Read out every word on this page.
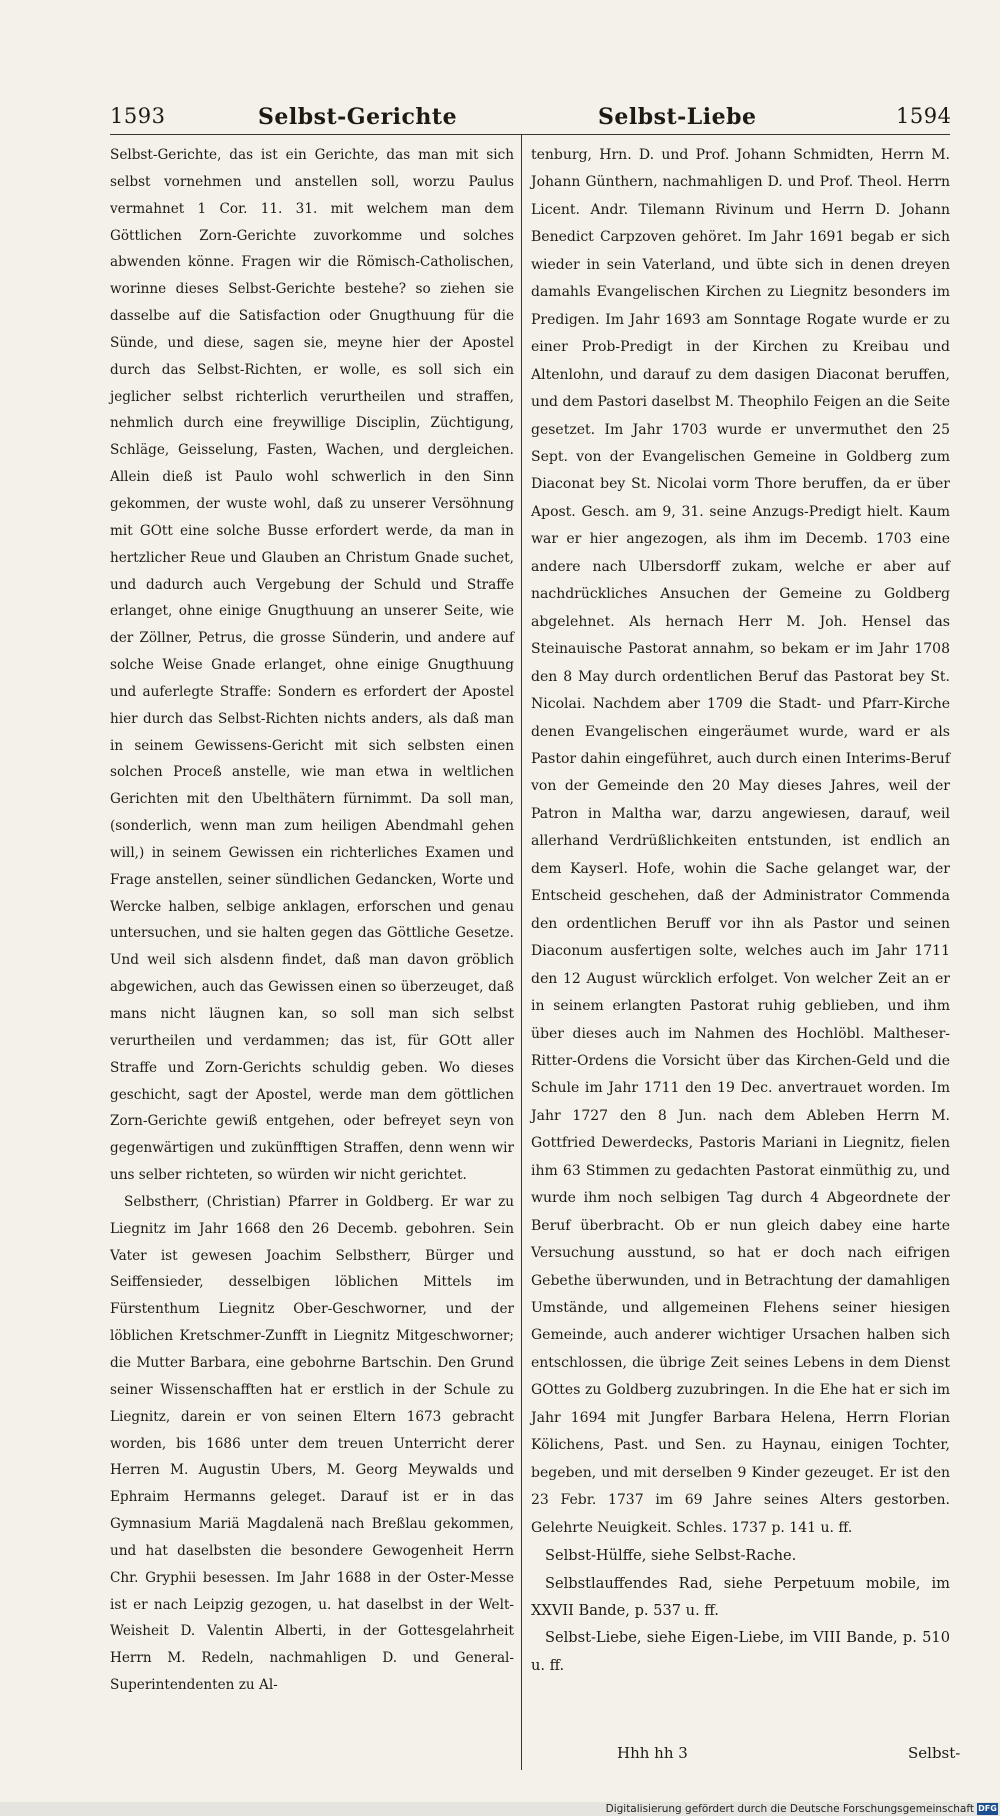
1593	Selbst-Gerichte	Selbst-Liebe	1594

Selbst-Gerichte, das ist ein Gerichte, das man mit sich selbst vornehmen und anstellen soll, worzu Paulus vermahnet 1 Cor. 11. 31. mit welchem man dem Göttlichen Zorn-Gerichte zuvorkomme und solches abwenden könne. Fragen wir die Römisch-Catholischen, worinne dieses Selbst-Gerichte bestehe? so ziehen sie dasselbe auf die Satisfaction oder Gnugthuung für die Sünde, und diese, sagen sie, meyne hier der Apostel durch das Selbst-Richten, er wolle, es soll sich ein jeglicher selbst richterlich verurtheilen und straffen, nehmlich durch eine freywillige Disciplin, Züchtigung, Schläge, Geisselung, Fasten, Wachen, und dergleichen. Allein dieß ist Paulo wohl schwerlich in den Sinn gekommen, der wuste wohl, daß zu unserer Versöhnung mit GOtt eine solche Busse erfordert werde, da man in hertzlicher Reue und Glauben an Christum Gnade suchet, und dadurch auch Vergebung der Schuld und Straffe erlanget, ohne einige Gnugthuung an unserer Seite, wie der Zöllner, Petrus, die grosse Sünderin, und andere auf solche Weise Gnade erlanget, ohne einige Gnugthuung und auferlegte Straffe: Sondern es erfordert der Apostel hier durch das Selbst-Richten nichts anders, als daß man in seinem Gewissens-Gericht mit sich selbsten einen solchen Proceß anstelle, wie man etwa in weltlichen Gerichten mit den Ubelthätern fürnimmt. Da soll man, (sonderlich, wenn man zum heiligen Abendmahl gehen will,) in seinem Gewissen ein richterliches Examen und Frage anstellen, seiner sündlichen Gedancken, Worte und Wercke halben, selbige anklagen, erforschen und genau untersuchen, und sie halten gegen das Göttliche Gesetze. Und weil sich alsdenn findet, daß man davon gröblich abgewichen, auch das Gewissen einen so überzeuget, daß mans nicht läugnen kan, so soll man sich selbst verurtheilen und verdammen; das ist, für GOtt aller Straffe und Zorn-Gerichts schuldig geben. Wo dieses geschicht, sagt der Apostel, werde man dem göttlichen Zorn-Gerichte gewiß entgehen, oder befreyet seyn von gegenwärtigen und zukünfftigen Straffen, denn wenn wir uns selber richteten, so würden wir nicht gerichtet.

Selbstherr, (Christian) Pfarrer in Goldberg. Er war zu Liegnitz im Jahr 1668 den 26 Decemb. gebohren. Sein Vater ist gewesen Joachim Selbstherr, Bürger und Seiffensieder, desselbigen löblichen Mittels im Fürstenthum Liegnitz Ober-Geschworner, und der löblichen Kretschmer-Zunfft in Liegnitz Mitgeschworner; die Mutter Barbara, eine gebohrne Bartschin. Den Grund seiner Wissenschafften hat er erstlich in der Schule zu Liegnitz, darein er von seinen Eltern 1673 gebracht worden, bis 1686 unter dem treuen Unterricht derer Herren M. Augustin Ubers, M. Georg Meywalds und Ephraim Hermanns geleget. Darauf ist er in das Gymnasium Mariä Magdalenä nach Breßlau gekommen, und hat daselbsten die besondere Gewogenheit Herrn Chr. Gryphii besessen. Im Jahr 1688 in der Oster-Messe ist er nach Leipzig gezogen, u. hat daselbst in der Welt-Weisheit D. Valentin Alberti, in der Gottesgelahrheit Herrn M. Redeln, nachmahligen D. und General-Superintendenten zu Al-

tenburg, Hrn. D. und Prof. Johann Schmidten, Herrn M. Johann Günthern, nachmahligen D. und Prof. Theol. Herrn Licent. Andr. Tilemann Rivinum und Herrn D. Johann Benedict Carpzoven gehöret. Im Jahr 1691 begab er sich wieder in sein Vaterland, und übte sich in denen dreyen damahls Evangelischen Kirchen zu Liegnitz besonders im Predigen. Im Jahr 1693 am Sonntage Rogate wurde er zu einer Prob-Predigt in der Kirchen zu Kreibau und Altenlohn, und darauf zu dem dasigen Diaconat beruffen, und dem Pastori daselbst M. Theophilo Feigen an die Seite gesetzet. Im Jahr 1703 wurde er unvermuthet den 25 Sept. von der Evangelischen Gemeine in Goldberg zum Diaconat bey St. Nicolai vorm Thore beruffen, da er über Apost. Gesch. am 9, 31. seine Anzugs-Predigt hielt. Kaum war er hier angezogen, als ihm im Decemb. 1703 eine andere nach Ulbersdorff zukam, welche er aber auf nachdrückliches Ansuchen der Gemeine zu Goldberg abgelehnet. Als hernach Herr M. Joh. Hensel das Steinauische Pastorat annahm, so bekam er im Jahr 1708 den 8 May durch ordentlichen Beruf das Pastorat bey St. Nicolai. Nachdem aber 1709 die Stadt- und Pfarr-Kirche denen Evangelischen eingeräumet wurde, ward er als Pastor dahin eingeführet, auch durch einen Interims-Beruf von der Gemeinde den 20 May dieses Jahres, weil der Patron in Maltha war, darzu angewiesen, darauf, weil allerhand Verdrüßlichkeiten entstunden, ist endlich an dem Kayserl. Hofe, wohin die Sache gelanget war, der Entscheid geschehen, daß der Administrator Commenda den ordentlichen Beruff vor ihn als Pastor und seinen Diaconum ausfertigen solte, welches auch im Jahr 1711 den 12 August würcklich erfolget. Von welcher Zeit an er in seinem erlangten Pastorat ruhig geblieben, und ihm über dieses auch im Nahmen des Hochlöbl. Maltheser-Ritter-Ordens die Vorsicht über das Kirchen-Geld und die Schule im Jahr 1711 den 19 Dec. anvertrauet worden. Im Jahr 1727 den 8 Jun. nach dem Ableben Herrn M. Gottfried Dewerdecks, Pastoris Mariani in Liegnitz, fielen ihm 63 Stimmen zu gedachten Pastorat einmüthig zu, und wurde ihm noch selbigen Tag durch 4 Abgeordnete der Beruf überbracht. Ob er nun gleich dabey eine harte Versuchung ausstund, so hat er doch nach eifrigen Gebethe überwunden, und in Betrachtung der damahligen Umstände, und allgemeinen Flehens seiner hiesigen Gemeinde, auch anderer wichtiger Ursachen halben sich entschlossen, die übrige Zeit seines Lebens in dem Dienst GOttes zu Goldberg zuzubringen. In die Ehe hat er sich im Jahr 1694 mit Jungfer Barbara Helena, Herrn Florian Kölichens, Past. und Sen. zu Haynau, einigen Tochter, begeben, und mit derselben 9 Kinder gezeuget. Er ist den 23 Febr. 1737 im 69 Jahre seines Alters gestorben. Gelehrte Neuigkeit. Schles. 1737 p. 141 u. ff.

Selbst-Hülffe, siehe Selbst-Rache.

Selbstlauffendes Rad, siehe Perpetuum mobile, im XXVII Bande, p. 537 u. ff.

Selbst-Liebe, siehe Eigen-Liebe, im VIII Bande, p. 510 u. ff.

Hhh hh 3	Selbst-
Digitalisierung gefördert durch die Deutsche Forschungsgemeinschaft DFG
